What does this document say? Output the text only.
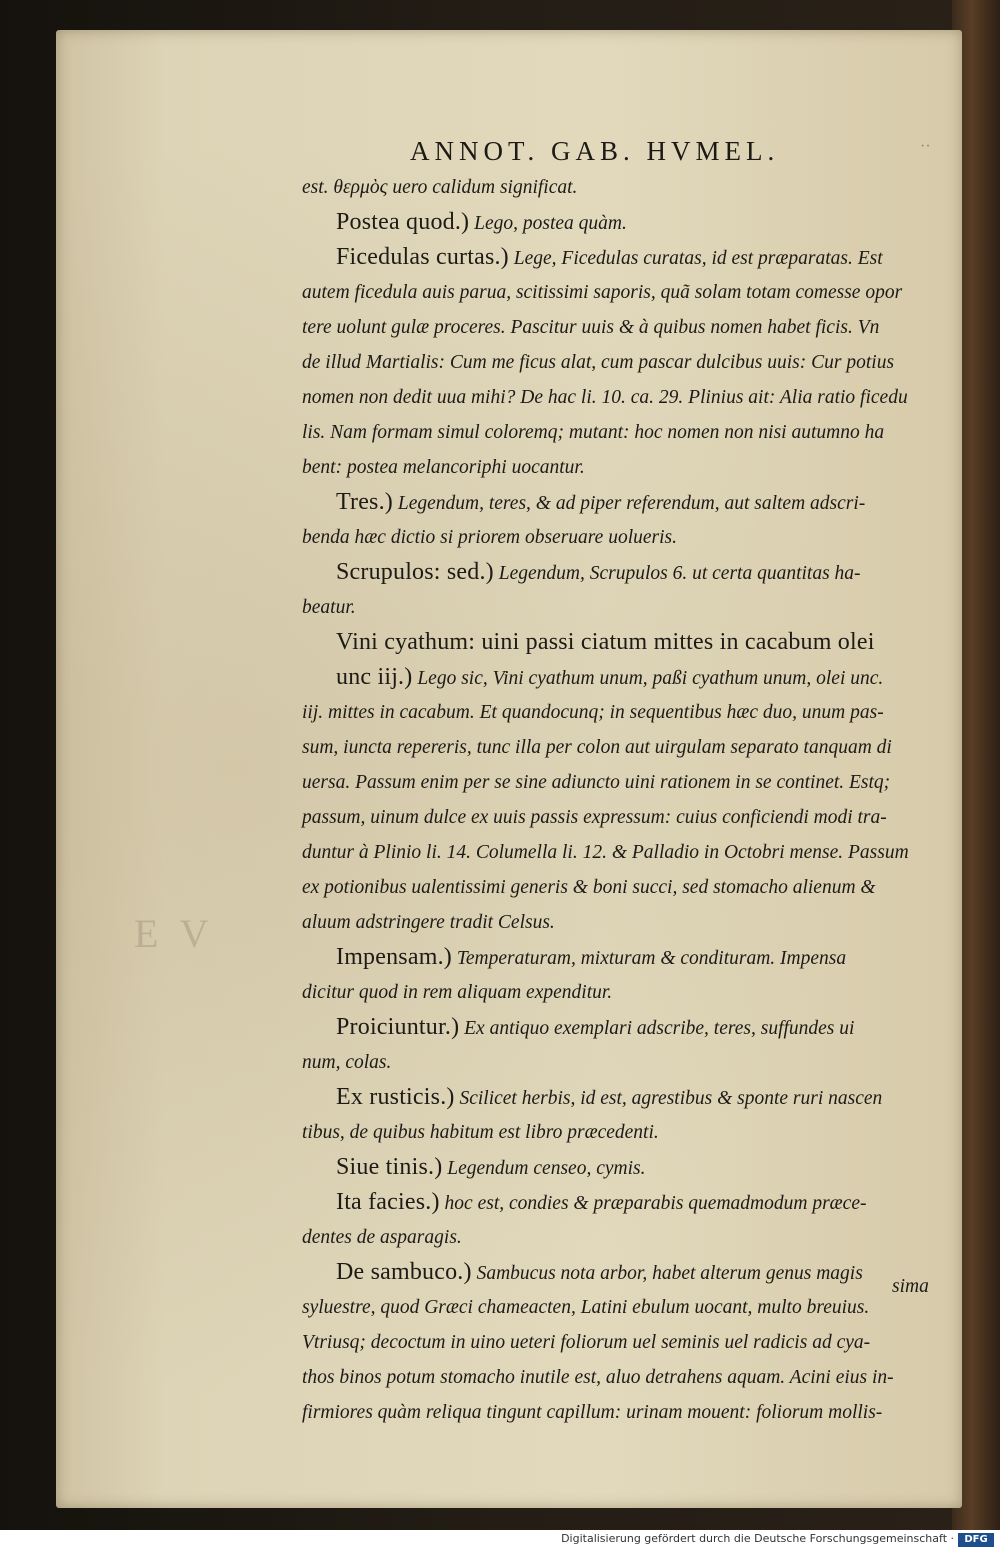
E V
ANNOT. GAB. HVMEL.	··
est. θερμὸς uero calidum significat.
Postea quod.) Lego, postea quàm.
Ficedulas curtas.) Lege, Ficedulas curatas, id est præparatas. Est
autem ficedula auis parua, scitissimi saporis, quã solam totam comesse opor
tere uolunt gulæ proceres. Pascitur uuis & à quibus nomen habet ficis. Vn
de illud Martialis: Cum me ficus alat, cum pascar dulcibus uuis: Cur potius
nomen non dedit uua mihi? De hac li. 10. ca. 29. Plinius ait: Alia ratio ficedu
lis. Nam formam simul coloremq; mutant: hoc nomen non nisi autumno ha
bent: postea melancoriphi uocantur.
Tres.) Legendum, teres, & ad piper referendum, aut saltem adscri-
benda hæc dictio si priorem obseruare uolueris.
Scrupulos: sed.) Legendum, Scrupulos 6. ut certa quantitas ha-
beatur.
Vini cyathum: uini passi ciatum mittes in cacabum olei
unc iij.) Lego sic, Vini cyathum unum, paßi cyathum unum, olei unc.
iij. mittes in cacabum. Et quandocunq; in sequentibus hæc duo, unum pas-
sum, iuncta repereris, tunc illa per colon aut uirgulam separato tanquam di
uersa. Passum enim per se sine adiuncto uini rationem in se continet. Estq;
passum, uinum dulce ex uuis passis expressum: cuius conficiendi modi tra-
duntur à Plinio li. 14. Columella li. 12. & Palladio in Octobri mense. Passum
ex potionibus ualentissimi generis & boni succi, sed stomacho alienum &
aluum adstringere tradit Celsus.
Impensam.) Temperaturam, mixturam & condituram. Impensa
dicitur quod in rem aliquam expenditur.
Proiciuntur.) Ex antiquo exemplari adscribe, teres, suffundes ui
num, colas.
Ex rusticis.) Scilicet herbis, id est, agrestibus & sponte ruri nascen
tibus, de quibus habitum est libro præcedenti.
Siue tinis.) Legendum censeo, cymis.
Ita facies.) hoc est, condies & præparabis quemadmodum præce-
dentes de asparagis.
De sambuco.) Sambucus nota arbor, habet alterum genus magis
syluestre, quod Græci chameacten, Latini ebulum uocant, multo breuius.
Vtriusq; decoctum in uino ueteri foliorum uel seminis uel radicis ad cya-
thos binos potum stomacho inutile est, aluo detrahens aquam. Acini eius in-
firmiores quàm reliqua tingunt capillum: urinam mouent: foliorum mollis-
sima
Digitalisierung gefördert durch die Deutsche Forschungsgemeinschaft ·	DFG
